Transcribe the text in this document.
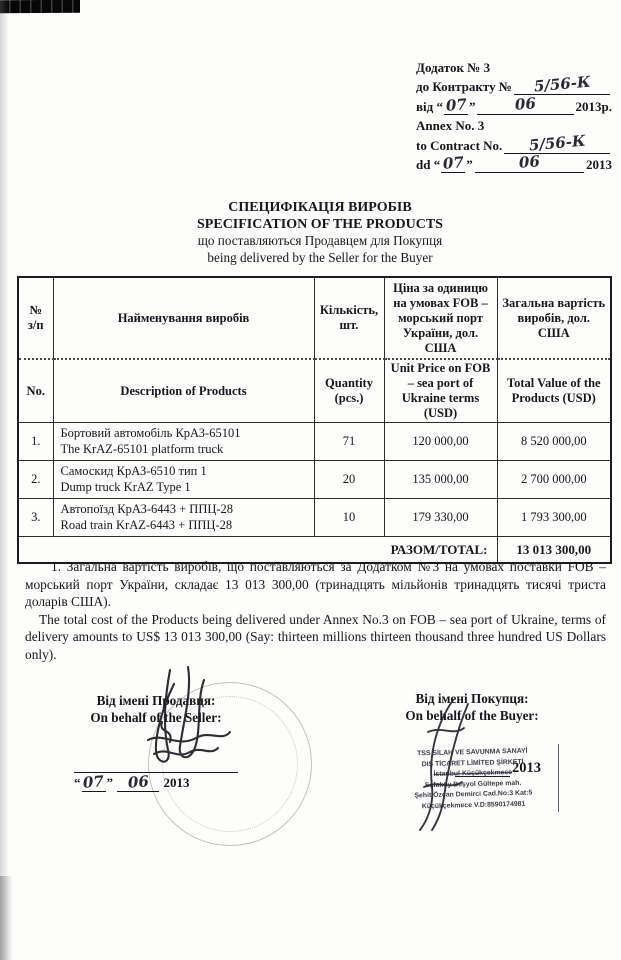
Додаток № 3
до Контракту №	5/56-К
від “ 07 ”	06	2013р.
Annex No. 3
to Contract No.	5/56-К
dd “ 07 ”	06	2013
СПЕЦИФІКАЦІЯ ВИРОБІВ
SPECIFICATION OF THE PRODUCTS
що поставляються Продавцем для Покупця
being delivered by the Seller for the Buyer
№
з/п	Найменування виробів	Кількість, шт.	Ціна за одиницю на умовах FOB – морський порт України, дол. США	Загальна вартість виробів, дол. США
No.	Description of Products	Quantity (pcs.)	Unit Price on FOB – sea port of Ukraine terms (USD)	Total Value of the Products (USD)
1.	Бортовий автомобіль КрАЗ-65101
The KrAZ-65101 platform truck	71	120 000,00	8 520 000,00
2.	Самоскид КрАЗ-6510 тип 1
Dump truck KrAZ Type 1	20	135 000,00	2 700 000,00
3.	Автопоїзд КрАЗ-6443 + ППЦ-28
Road train KrAZ-6443 + ППЦ-28	10	179 330,00	1 793 300,00
РАЗОМ/TOTAL:				13 013 300,00

1. Загальна вартість виробів, що поставляються за Додатком №3 на умовах поставки FOB – морський порт України, складає 13 013 300,00 (тринадцять мільйонів тринадцять тисячі триста доларів США).

The total cost of the Products being delivered under Annex No.3 on FOB – sea port of Ukraine, terms of delivery amounts to US$ 13 013 300,00 (Say: thirteen millions thirteen thousand three hundred US Dollars only).

Від імені Продавця:
On behalf of the Seller:
“ 07 ” 06 2013
Від імені Покупця:
On behalf of the Buyer:
TSS SİLAH VE SAVUNMA SANAYİ
DIŞ TİCARET LİMİTED ŞİRKETİ
İstanbul Küçükçekmece
Safaköy Beşyol Gültepe mah.
Şehit Özcan Demirci Cad.No:3 Kat:5
Küçükçekmece V.D:8590174981
2013
